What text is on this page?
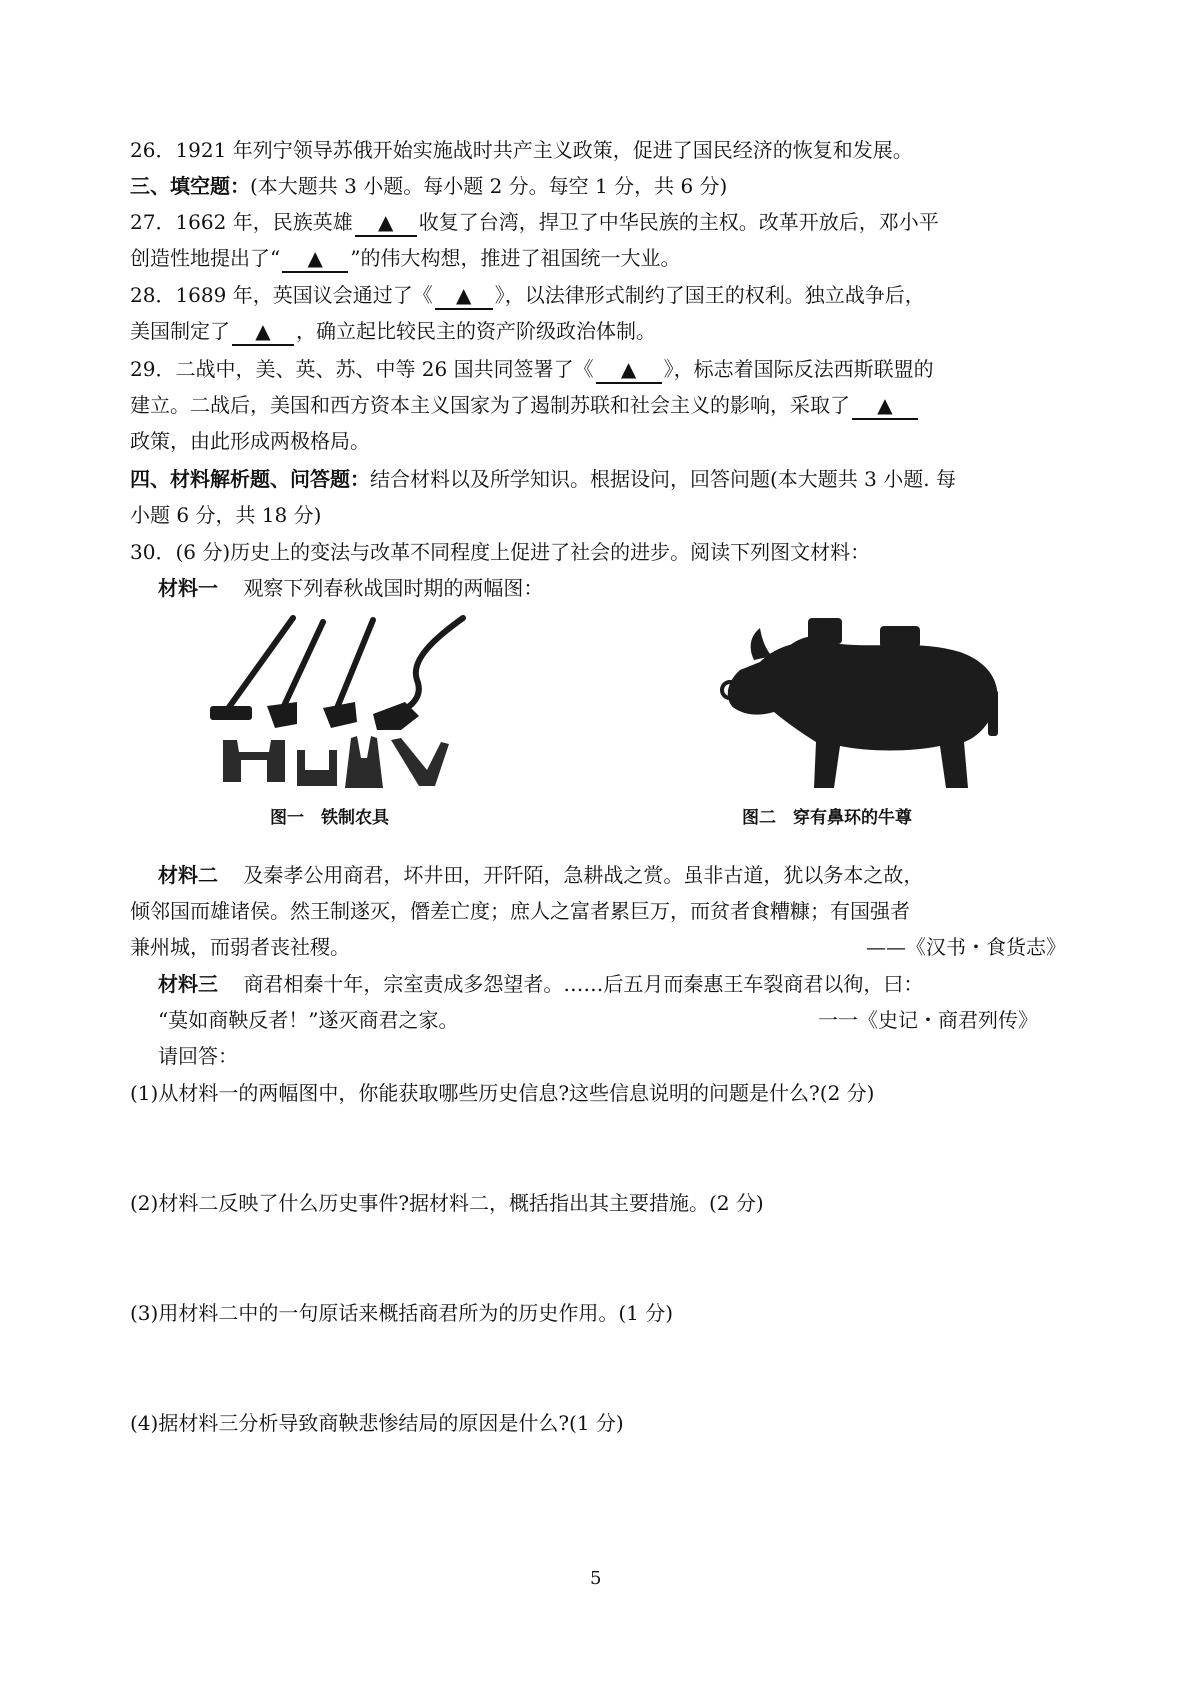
26．1921 年列宁领导苏俄开始实施战时共产主义政策，促进了国民经济的恢复和发展。
三、填空题：(本大题共 3 小题。每小题 2 分。每空 1 分，共 6 分)
27．1662 年，民族英雄 ▲ 收复了台湾，捍卫了中华民族的主权。改革开放后，邓小平
创造性地提出了“ ▲ ”的伟大构想，推进了祖国统一大业。
28．1689 年，英国议会通过了《 ▲ 》，以法律形式制约了国王的权利。独立战争后，
美国制定了 ▲ ，确立起比较民主的资产阶级政治体制。
29．二战中，美、英、苏、中等 26 国共同签署了《 ▲ 》，标志着国际反法西斯联盟的
建立。二战后，美国和西方资本主义国家为了遏制苏联和社会主义的影响，采取了 ▲
政策，由此形成两极格局。
四、材料解析题、问答题：结合材料以及所学知识。根据设问，回答问题(本大题共 3 小题. 每
小题 6 分，共 18 分)
30．(6 分)历史上的变法与改革不同程度上促进了社会的进步。阅读下列图文材料：
材料一 观察下列春秋战国时期的两幅图：
图一　铁制农具	图二　穿有鼻环的牛尊
材料二 及秦孝公用商君，坏井田，开阡陌，急耕战之赏。虽非古道，犹以务本之故，
倾邻国而雄诸侯。然王制遂灭，僭差亡度；庶人之富者累巨万，而贫者食糟糠；有国强者
兼州城，而弱者丧社稷。	——《汉书・食货志》
材料三 商君相秦十年，宗室责成多怨望者。……后五月而秦惠王车裂商君以徇，曰：
“莫如商鞅反者！”遂灭商君之家。	一一《史记・商君列传》
请回答：
(1)从材料一的两幅图中，你能获取哪些历史信息?这些信息说明的问题是什么?(2 分)
(2)材料二反映了什么历史事件?据材料二，概括指出其主要措施。(2 分)
(3)用材料二中的一句原话来概括商君所为的历史作用。(1 分)
(4)据材料三分析导致商鞅悲惨结局的原因是什么?(1 分)
5
